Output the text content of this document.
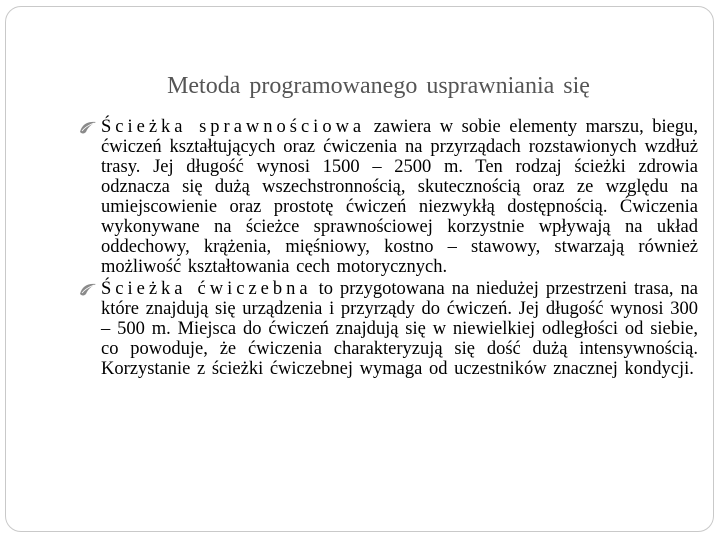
Metoda programowanego usprawniania się
Ścieżka sprawnościowa zawiera w sobie elementy marszu, biegu, ćwiczeń kształtujących oraz ćwiczenia na przyrządach rozstawionych wzdłuż trasy. Jej długość wynosi 1500 – 2500 m. Ten rodzaj ścieżki zdrowia odznacza się dużą wszechstronnością, skutecznością oraz ze względu na umiejscowienie oraz prostotę ćwiczeń niezwykłą dostępnością. Ćwiczenia wykonywane na ścieżce sprawnościowej korzystnie wpływają na układ oddechowy, krążenia, mięśniowy, kostno – stawowy, stwarzają również możliwość kształtowania cech motorycznych.
Ścieżka ćwiczebna to przygotowana na niedużej przestrzeni trasa, na które znajdują się urządzenia i przyrządy do ćwiczeń. Jej długość wynosi 300 – 500 m. Miejsca do ćwiczeń znajdują się w niewielkiej odległości od siebie, co powoduje, że ćwiczenia charakteryzują się dość dużą intensywnością. Korzystanie z ścieżki ćwiczebnej wymaga od uczestników znacznej kondycji.
